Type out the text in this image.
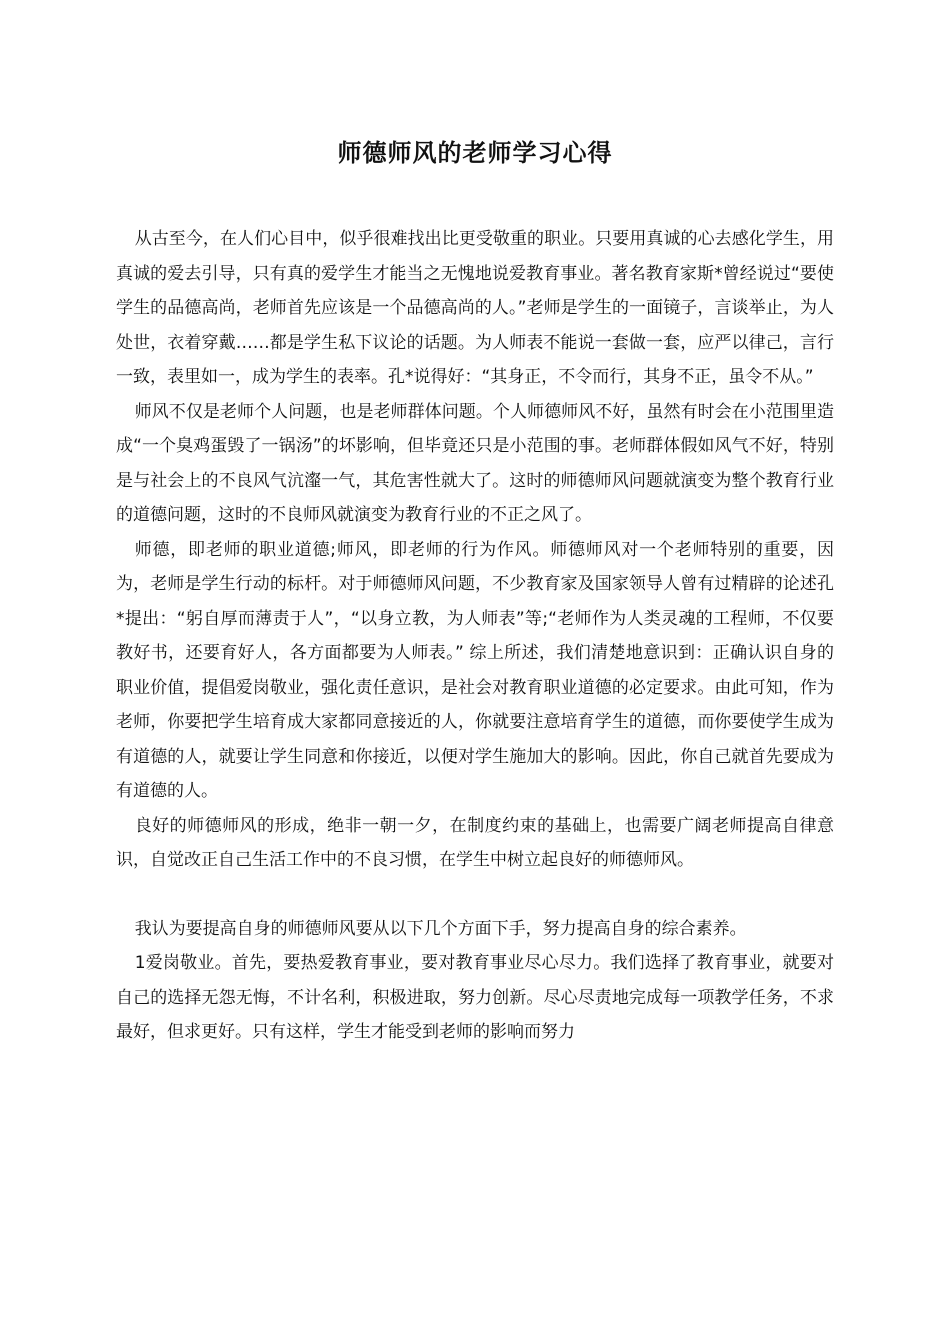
师德师风的老师学习心得

从古至今，在人们心目中，似乎很难找出比更受敬重的职业。只要用真诚的心去感化学生，用真诚的爱去引导，只有真的爱学生才能当之无愧地说爱教育事业。著名教育家斯*曾经说过“要使学生的品德高尚，老师首先应该是一个品德高尚的人。”老师是学生的一面镜子，言谈举止，为人处世，衣着穿戴……都是学生私下议论的话题。为人师表不能说一套做一套，应严以律己，言行一致，表里如一，成为学生的表率。孔*说得好：“其身正，不令而行，其身不正，虽令不从。”

师风不仅是老师个人问题，也是老师群体问题。个人师德师风不好，虽然有时会在小范围里造成“一个臭鸡蛋毁了一锅汤”的坏影响，但毕竟还只是小范围的事。老师群体假如风气不好，特别是与社会上的不良风气沆瀣一气，其危害性就大了。这时的师德师风问题就演变为整个教育行业的道德问题，这时的不良师风就演变为教育行业的不正之风了。

师德，即老师的职业道德;师风，即老师的行为作风。师德师风对一个老师特别的重要，因为，老师是学生行动的标杆。对于师德师风问题，不少教育家及国家领导人曾有过精辟的论述孔*提出：“躬自厚而薄责于人”，“以身立教，为人师表”等;“老师作为人类灵魂的工程师，不仅要教好书，还要育好人，各方面都要为人师表。” 综上所述，我们清楚地意识到：正确认识自身的职业价值，提倡爱岗敬业，强化责任意识，是社会对教育职业道德的必定要求。由此可知，作为老师，你要把学生培育成大家都同意接近的人，你就要注意培育学生的道德，而你要使学生成为有道德的人，就要让学生同意和你接近，以便对学生施加大的影响。因此，你自己就首先要成为有道德的人。

良好的师德师风的形成，绝非一朝一夕，在制度约束的基础上，也需要广阔老师提高自律意识，自觉改正自己生活工作中的不良习惯，在学生中树立起良好的师德师风。

我认为要提高自身的师德师风要从以下几个方面下手，努力提高自身的综合素养。

1爱岗敬业。首先，要热爱教育事业，要对教育事业尽心尽力。我们选择了教育事业，就要对自己的选择无怨无悔，不计名利，积极进取，努力创新。尽心尽责地完成每一项教学任务，不求最好，但求更好。只有这样，学生才能受到老师的影响而努力
